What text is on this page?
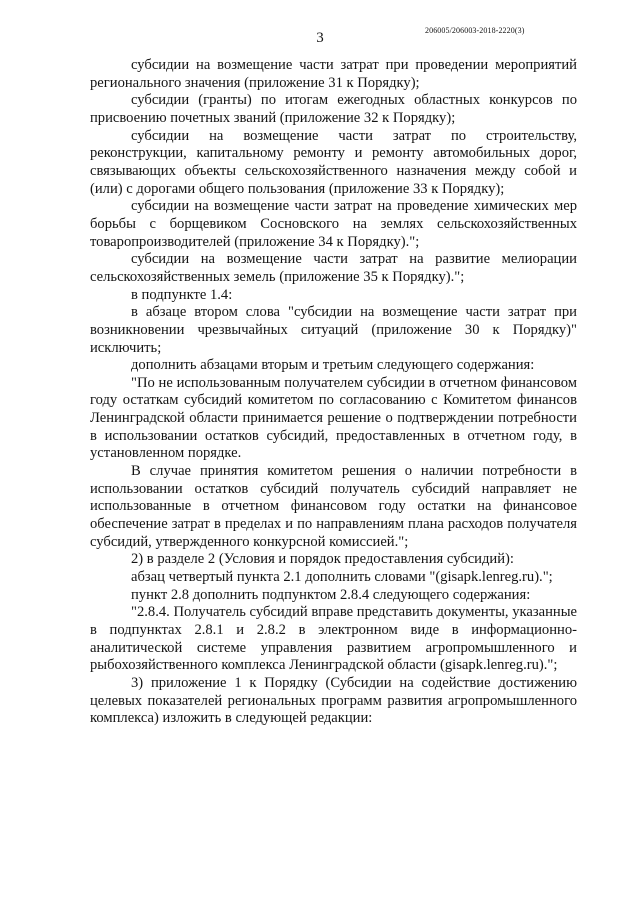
3	206005/206003-2018-2220(3)

субсидии на возмещение части затрат при проведении мероприятий регионального значения (приложение 31 к Порядку);

субсидии (гранты) по итогам ежегодных областных конкурсов по присвоению почетных званий (приложение 32 к Порядку);

субсидии на возмещение части затрат по строительству, реконструкции, капитальному ремонту и ремонту автомобильных дорог, связывающих объекты сельскохозяйственного назначения между собой и (или) с дорогами общего пользования (приложение 33 к Порядку);

субсидии на возмещение части затрат на проведение химических мер борьбы с борщевиком Сосновского на землях сельскохозяйственных товаропроизводителей (приложение 34 к Порядку).";

субсидии на возмещение части затрат на развитие мелиорации сельскохозяйственных земель (приложение 35 к Порядку).";

в подпункте 1.4:

в абзаце втором слова "субсидии на возмещение части затрат при возникновении чрезвычайных ситуаций (приложение 30 к Порядку)" исключить;

дополнить абзацами вторым и третьим следующего содержания:

"По не использованным получателем субсидии в отчетном финансовом году остаткам субсидий комитетом по согласованию с Комитетом финансов Ленинградской области принимается решение о подтверждении потребности в использовании остатков субсидий, предоставленных в отчетном году, в установленном порядке.

В случае принятия комитетом решения о наличии потребности в использовании остатков субсидий получатель субсидий направляет не использованные в отчетном финансовом году остатки на финансовое обеспечение затрат в пределах и по направлениям плана расходов получателя субсидий, утвержденного конкурсной комиссией.";

2) в разделе 2 (Условия и порядок предоставления субсидий):

абзац четвертый пункта 2.1 дополнить словами "(gisapk.lenreg.ru).";

пункт 2.8 дополнить подпунктом 2.8.4 следующего содержания:

"2.8.4. Получатель субсидий вправе представить документы, указанные в подпунктах 2.8.1 и 2.8.2 в электронном виде в информационно-аналитической системе управления развитием агропромышленного и рыбохозяйственного комплекса Ленинградской области (gisapk.lenreg.ru).";

3) приложение 1 к Порядку (Субсидии на содействие достижению целевых показателей региональных программ развития агропромышленного комплекса) изложить в следующей редакции:
